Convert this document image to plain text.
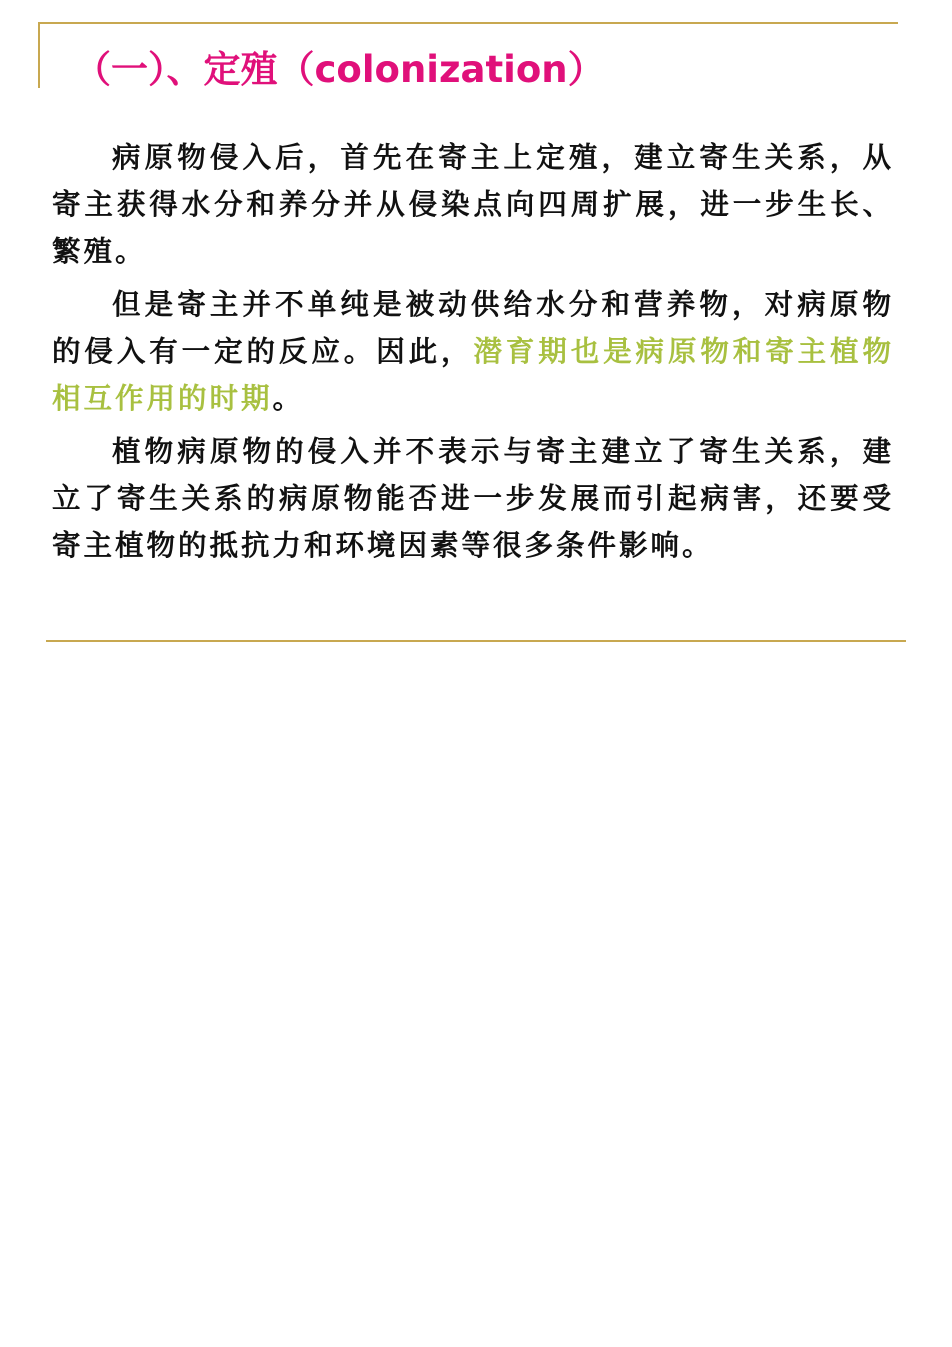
（一）、定殖（colonization）

病原物侵入后，首先在寄主上定殖，建立寄生关系，从寄主获得水分和养分并从侵染点向四周扩展，进一步生长、繁殖。

但是寄主并不单纯是被动供给水分和营养物，对病原物的侵入有一定的反应。因此，潜育期也是病原物和寄主植物相互作用的时期。

植物病原物的侵入并不表示与寄主建立了寄生关系，建立了寄生关系的病原物能否进一步发展而引起病害，还要受寄主植物的抵抗力和环境因素等很多条件影响。
